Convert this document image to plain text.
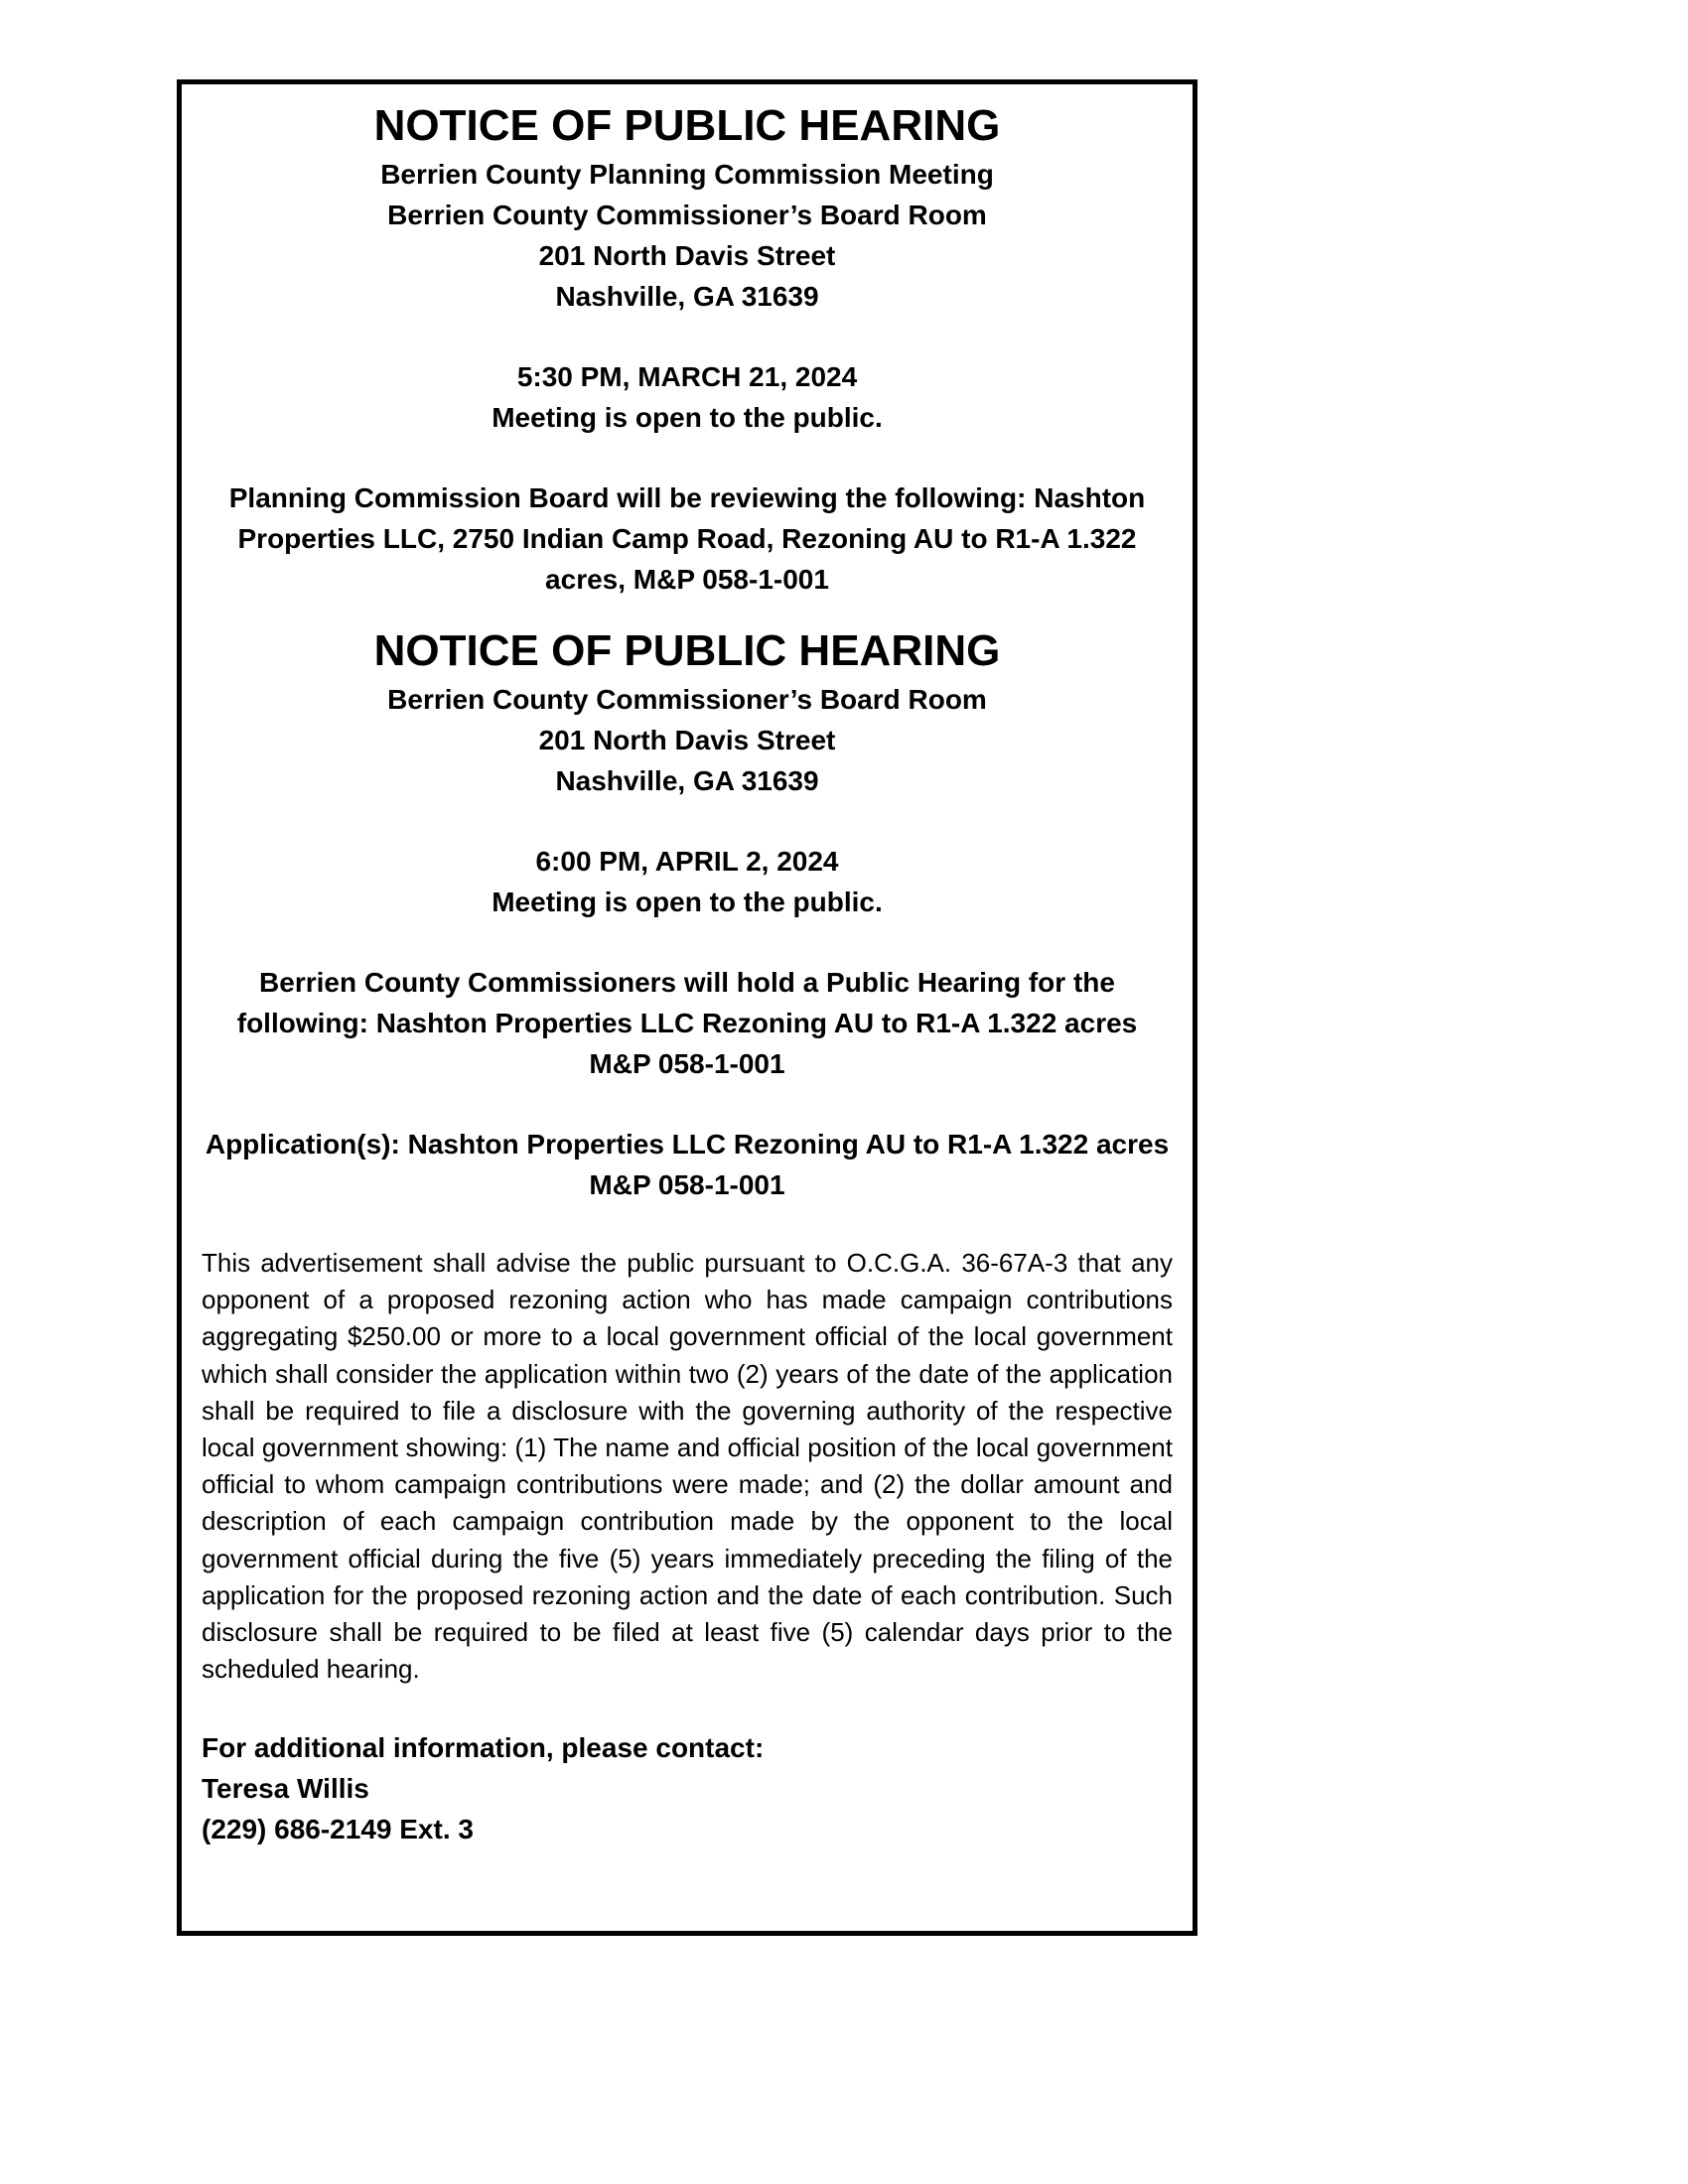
NOTICE OF PUBLIC HEARING

Berrien County Planning Commission Meeting

Berrien County Commissioner’s Board Room

201 North Davis Street

Nashville, GA 31639

5:30 PM, MARCH 21, 2024

Meeting is open to the public.

Planning Commission Board will be reviewing the following: Nashton

Properties LLC, 2750 Indian Camp Road, Rezoning AU to R1-A 1.322

acres, M&P 058-1-001

NOTICE OF PUBLIC HEARING

Berrien County Commissioner’s Board Room

201 North Davis Street

Nashville, GA 31639

6:00 PM, APRIL 2, 2024

Meeting is open to the public.

Berrien County Commissioners will hold a Public Hearing for the

following: Nashton Properties LLC Rezoning AU to R1-A 1.322 acres

M&P 058-1-001

Application(s): Nashton Properties LLC Rezoning AU to R1-A 1.322 acres

M&P 058-1-001

This advertisement shall advise the public pursuant to O.C.G.A. 36-67A-3 that any opponent of a proposed rezoning action who has made campaign contributions aggregating $250.00 or more to a local government official of the local government which shall consider the application within two (2) years of the date of the application shall be required to file a disclosure with the governing authority of the respective local government showing: (1) The name and official position of the local government official to whom campaign contributions were made; and (2) the dollar amount and description of each campaign contribution made by the opponent to the local government official during the five (5) years immediately preceding the filing of the application for the proposed rezoning action and the date of each contribution. Such disclosure shall be required to be filed at least five (5) calendar days prior to the scheduled hearing.

For additional information, please contact:

Teresa Willis

(229) 686-2149 Ext. 3
